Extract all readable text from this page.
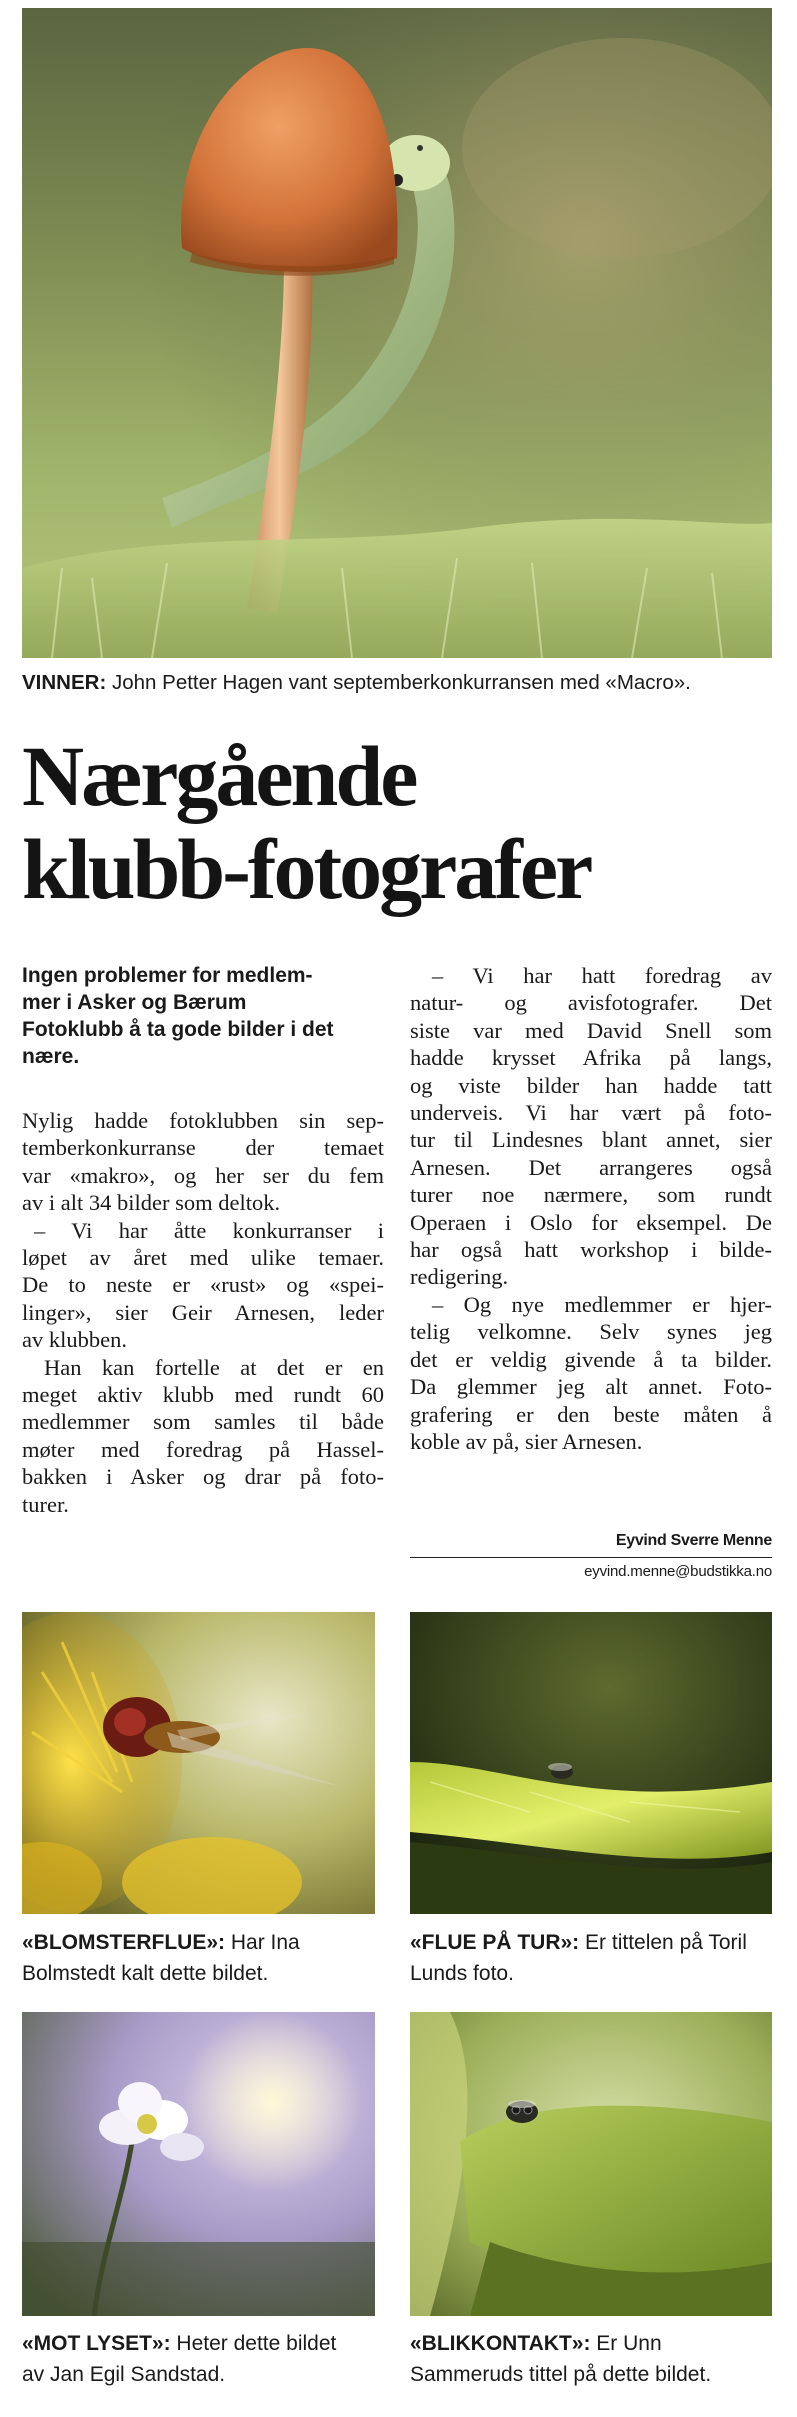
VINNER: John Petter Hagen vant septemberkonkurransen med «Macro».
Nærgående
klubb-fotografer
Ingen problemer for medlem-
mer i Asker og Bærum
Fotoklubb å ta gode bilder i det
nære.

Nylig hadde fotoklubben sin sep-

temberkonkurranse der temaet

var «makro», og her ser du fem

av i alt 34 bilder som deltok.

– Vi har åtte konkurranser i

løpet av året med ulike temaer.

De to neste er «rust» og «spei-

linger», sier Geir Arnesen, leder

av klubben.

Han kan fortelle at det er en

meget aktiv klubb med rundt 60

medlemmer som samles til både

møter med foredrag på Hassel-

bakken i Asker og drar på foto-

turer.

– Vi har hatt foredrag av

natur- og avisfotografer. Det

siste var med David Snell som

hadde krysset Afrika på langs,

og viste bilder han hadde tatt

underveis. Vi har vært på foto-

tur til Lindesnes blant annet, sier

Arnesen. Det arrangeres også

turer noe nærmere, som rundt

Operaen i Oslo for eksempel. De

har også hatt workshop i bilde-

redigering.

– Og nye medlemmer er hjer-

telig velkomne. Selv synes jeg

det er veldig givende å ta bilder.

Da glemmer jeg alt annet. Foto-

grafering er den beste måten å

koble av på, sier Arnesen.

Eyvind Sverre Menne
eyvind.menne@budstikka.no
«BLOMSTERFLUE»: Har Ina
Bolmstedt kalt dette bildet.
«FLUE PÅ TUR»: Er tittelen på Toril
Lunds foto.
«MOT LYSET»: Heter dette bildet
av Jan Egil Sandstad.
«BLIKKONTAKT»: Er Unn
Sammeruds tittel på dette bildet.
